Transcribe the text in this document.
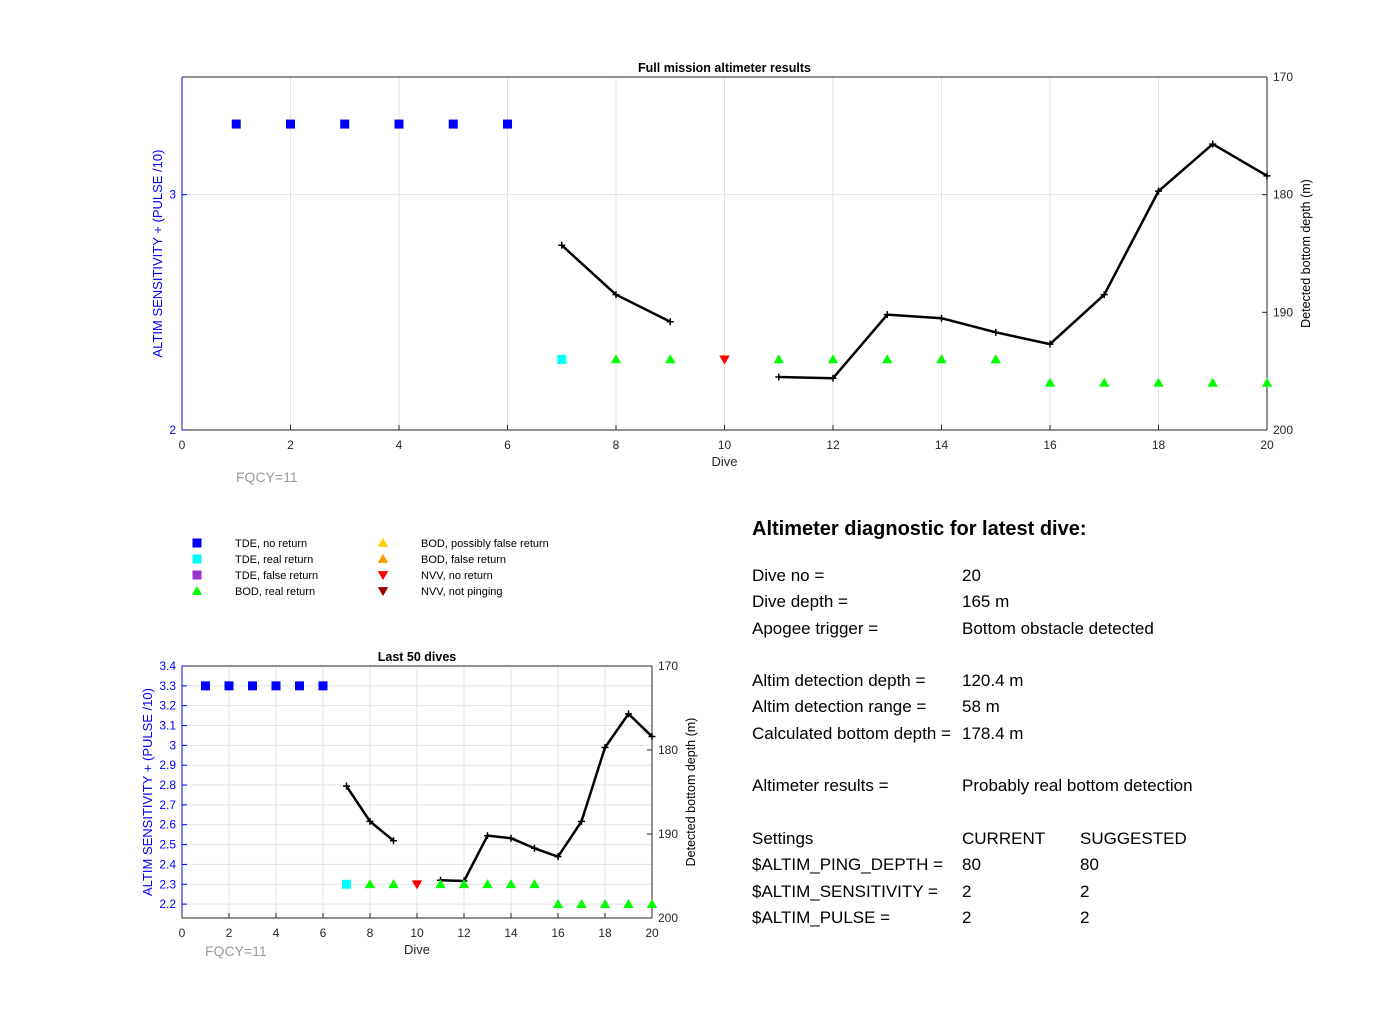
0	2	4	6	8	10	12	14	16	18	20
2
3
170
180
190
200
Full mission altimeter results
Dive
ALTIM SENSITIVITY + (PULSE /10)	Detected bottom depth (m)
FQCY=11
0	2	4	6	8	10	12	14	16	18	20
2.2
2.3
2.4
2.5
2.6
2.7
2.8
2.9
3
3.1
3.2
3.3
3.4	170
180
190
200
Last 50 dives
Dive
ALTIM SENSITIVITY + (PULSE /10)	Detected bottom depth (m)
FQCY=11
TDE, no return
TDE, real return
TDE, false return
BOD, real return
BOD, possibly false return
BOD, false return
NVV, no return
NVV, not pinging
Altimeter diagnostic for latest dive:
Dive no =	20
Dive depth =	165 m
Apogee trigger =	Bottom obstacle detected
Altim detection depth = 120.4 m
Altim detection range = 58 m
Calculated bottom depth = 178.4 m
Altimeter results =	Probably real bottom detection
Settings	CURRENT SUGGESTED
$ALTIM_PING_DEPTH = 80	80
$ALTIM_SENSITIVITY = 2	2
$ALTIM_PULSE =	2	2
